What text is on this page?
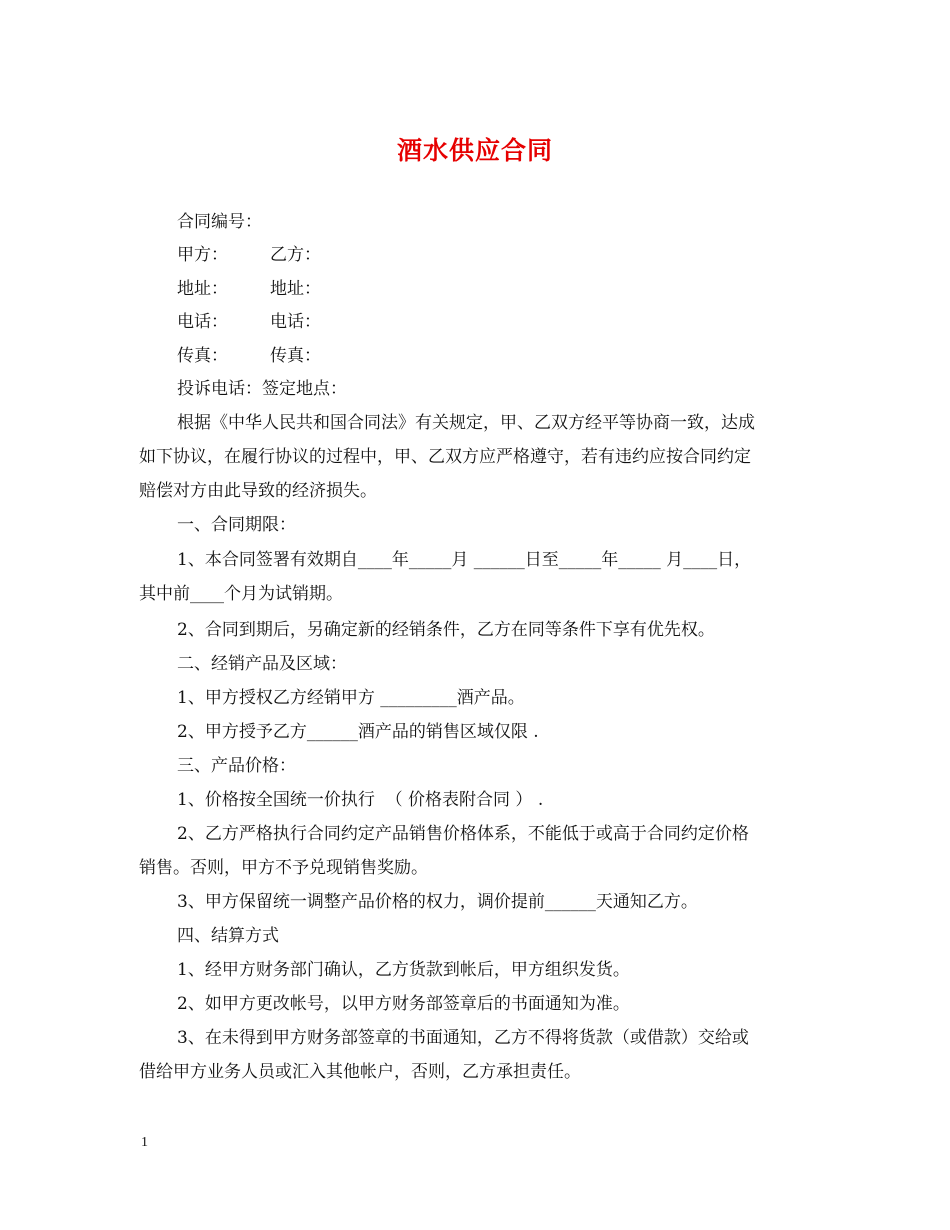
酒水供应合同
合同编号：
甲方： 乙方：
地址： 地址：
电话： 电话：
传真： 传真：
投诉电话：签定地点：
根据《中华人民共和国合同法》有关规定，甲、乙双方经平等协商一致，达成
如下协议，在履行协议的过程中，甲、乙双方应严格遵守，若有违约应按合同约定
赔偿对方由此导致的经济损失。
一、合同期限：
1、本合同签署有效期自____年_____月 ______日至_____年_____ 月____日，
其中前____个月为试销期。
2、合同到期后，另确定新的经销条件，乙方在同等条件下享有优先权。
二、经销产品及区域：
1、甲方授权乙方经销甲方 _________酒产品。
2、甲方授予乙方______酒产品的销售区域仅限 .
三、产品价格：
1、价格按全国统一价执行  （ 价格表附合同 ） .
2、乙方严格执行合同约定产品销售价格体系，不能低于或高于合同约定价格
销售。否则，甲方不予兑现销售奖励。
3、甲方保留统一调整产品价格的权力，调价提前______天通知乙方。
四、结算方式
1、经甲方财务部门确认，乙方货款到帐后，甲方组织发货。
2、如甲方更改帐号，以甲方财务部签章后的书面通知为准。
3、在未得到甲方财务部签章的书面通知，乙方不得将货款（或借款）交给或
借给甲方业务人员或汇入其他帐户，否则，乙方承担责任。
1
